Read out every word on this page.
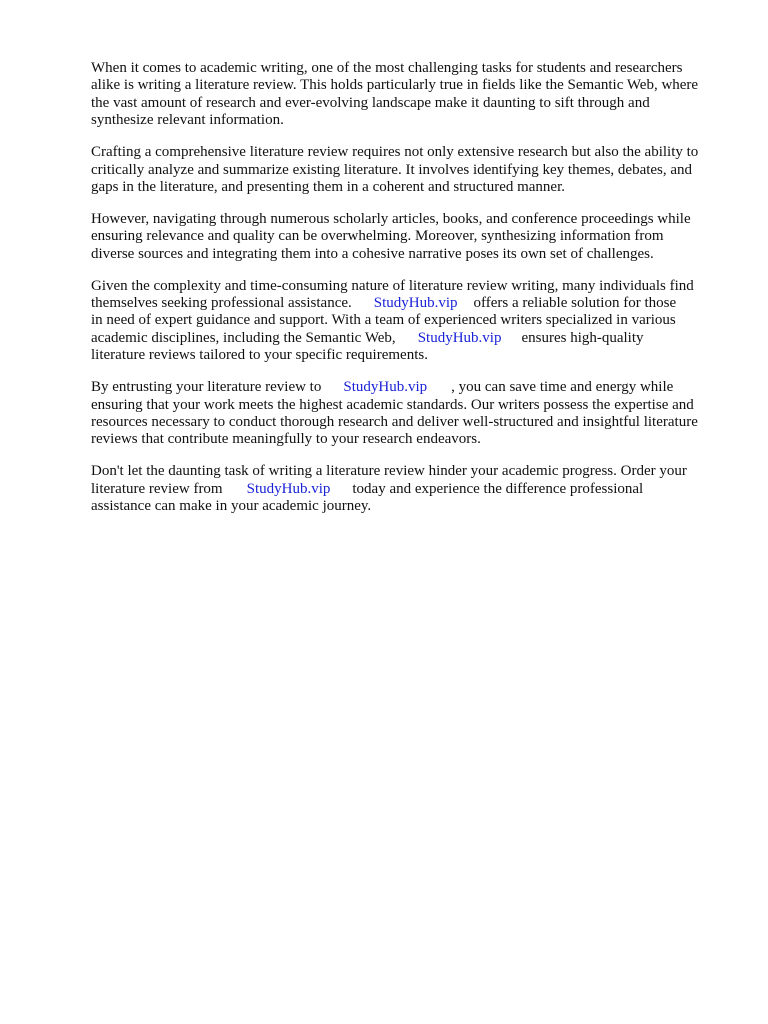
When it comes to academic writing, one of the most challenging tasks for students and researchers
alike is writing a literature review. This holds particularly true in fields like the Semantic Web, where
the vast amount of research and ever-evolving landscape make it daunting to sift through and
synthesize relevant information.

Crafting a comprehensive literature review requires not only extensive research but also the ability to
critically analyze and summarize existing literature. It involves identifying key themes, debates, and
gaps in the literature, and presenting them in a coherent and structured manner.

However, navigating through numerous scholarly articles, books, and conference proceedings while
ensuring relevance and quality can be overwhelming. Moreover, synthesizing information from
diverse sources and integrating them into a cohesive narrative poses its own set of challenges.

Given the complexity and time-consuming nature of literature review writing, many individuals find
themselves seeking professional assistance. StudyHub.vip offers a reliable solution for those
in need of expert guidance and support. With a team of experienced writers specialized in various
academic disciplines, including the Semantic Web, StudyHub.vip ensures high-quality
literature reviews tailored to your specific requirements.

By entrusting your literature review to StudyHub.vip , you can save time and energy while
ensuring that your work meets the highest academic standards. Our writers possess the expertise and
resources necessary to conduct thorough research and deliver well-structured and insightful literature
reviews that contribute meaningfully to your research endeavors.

Don't let the daunting task of writing a literature review hinder your academic progress. Order your
literature review from StudyHub.vip today and experience the difference professional
assistance can make in your academic journey.
